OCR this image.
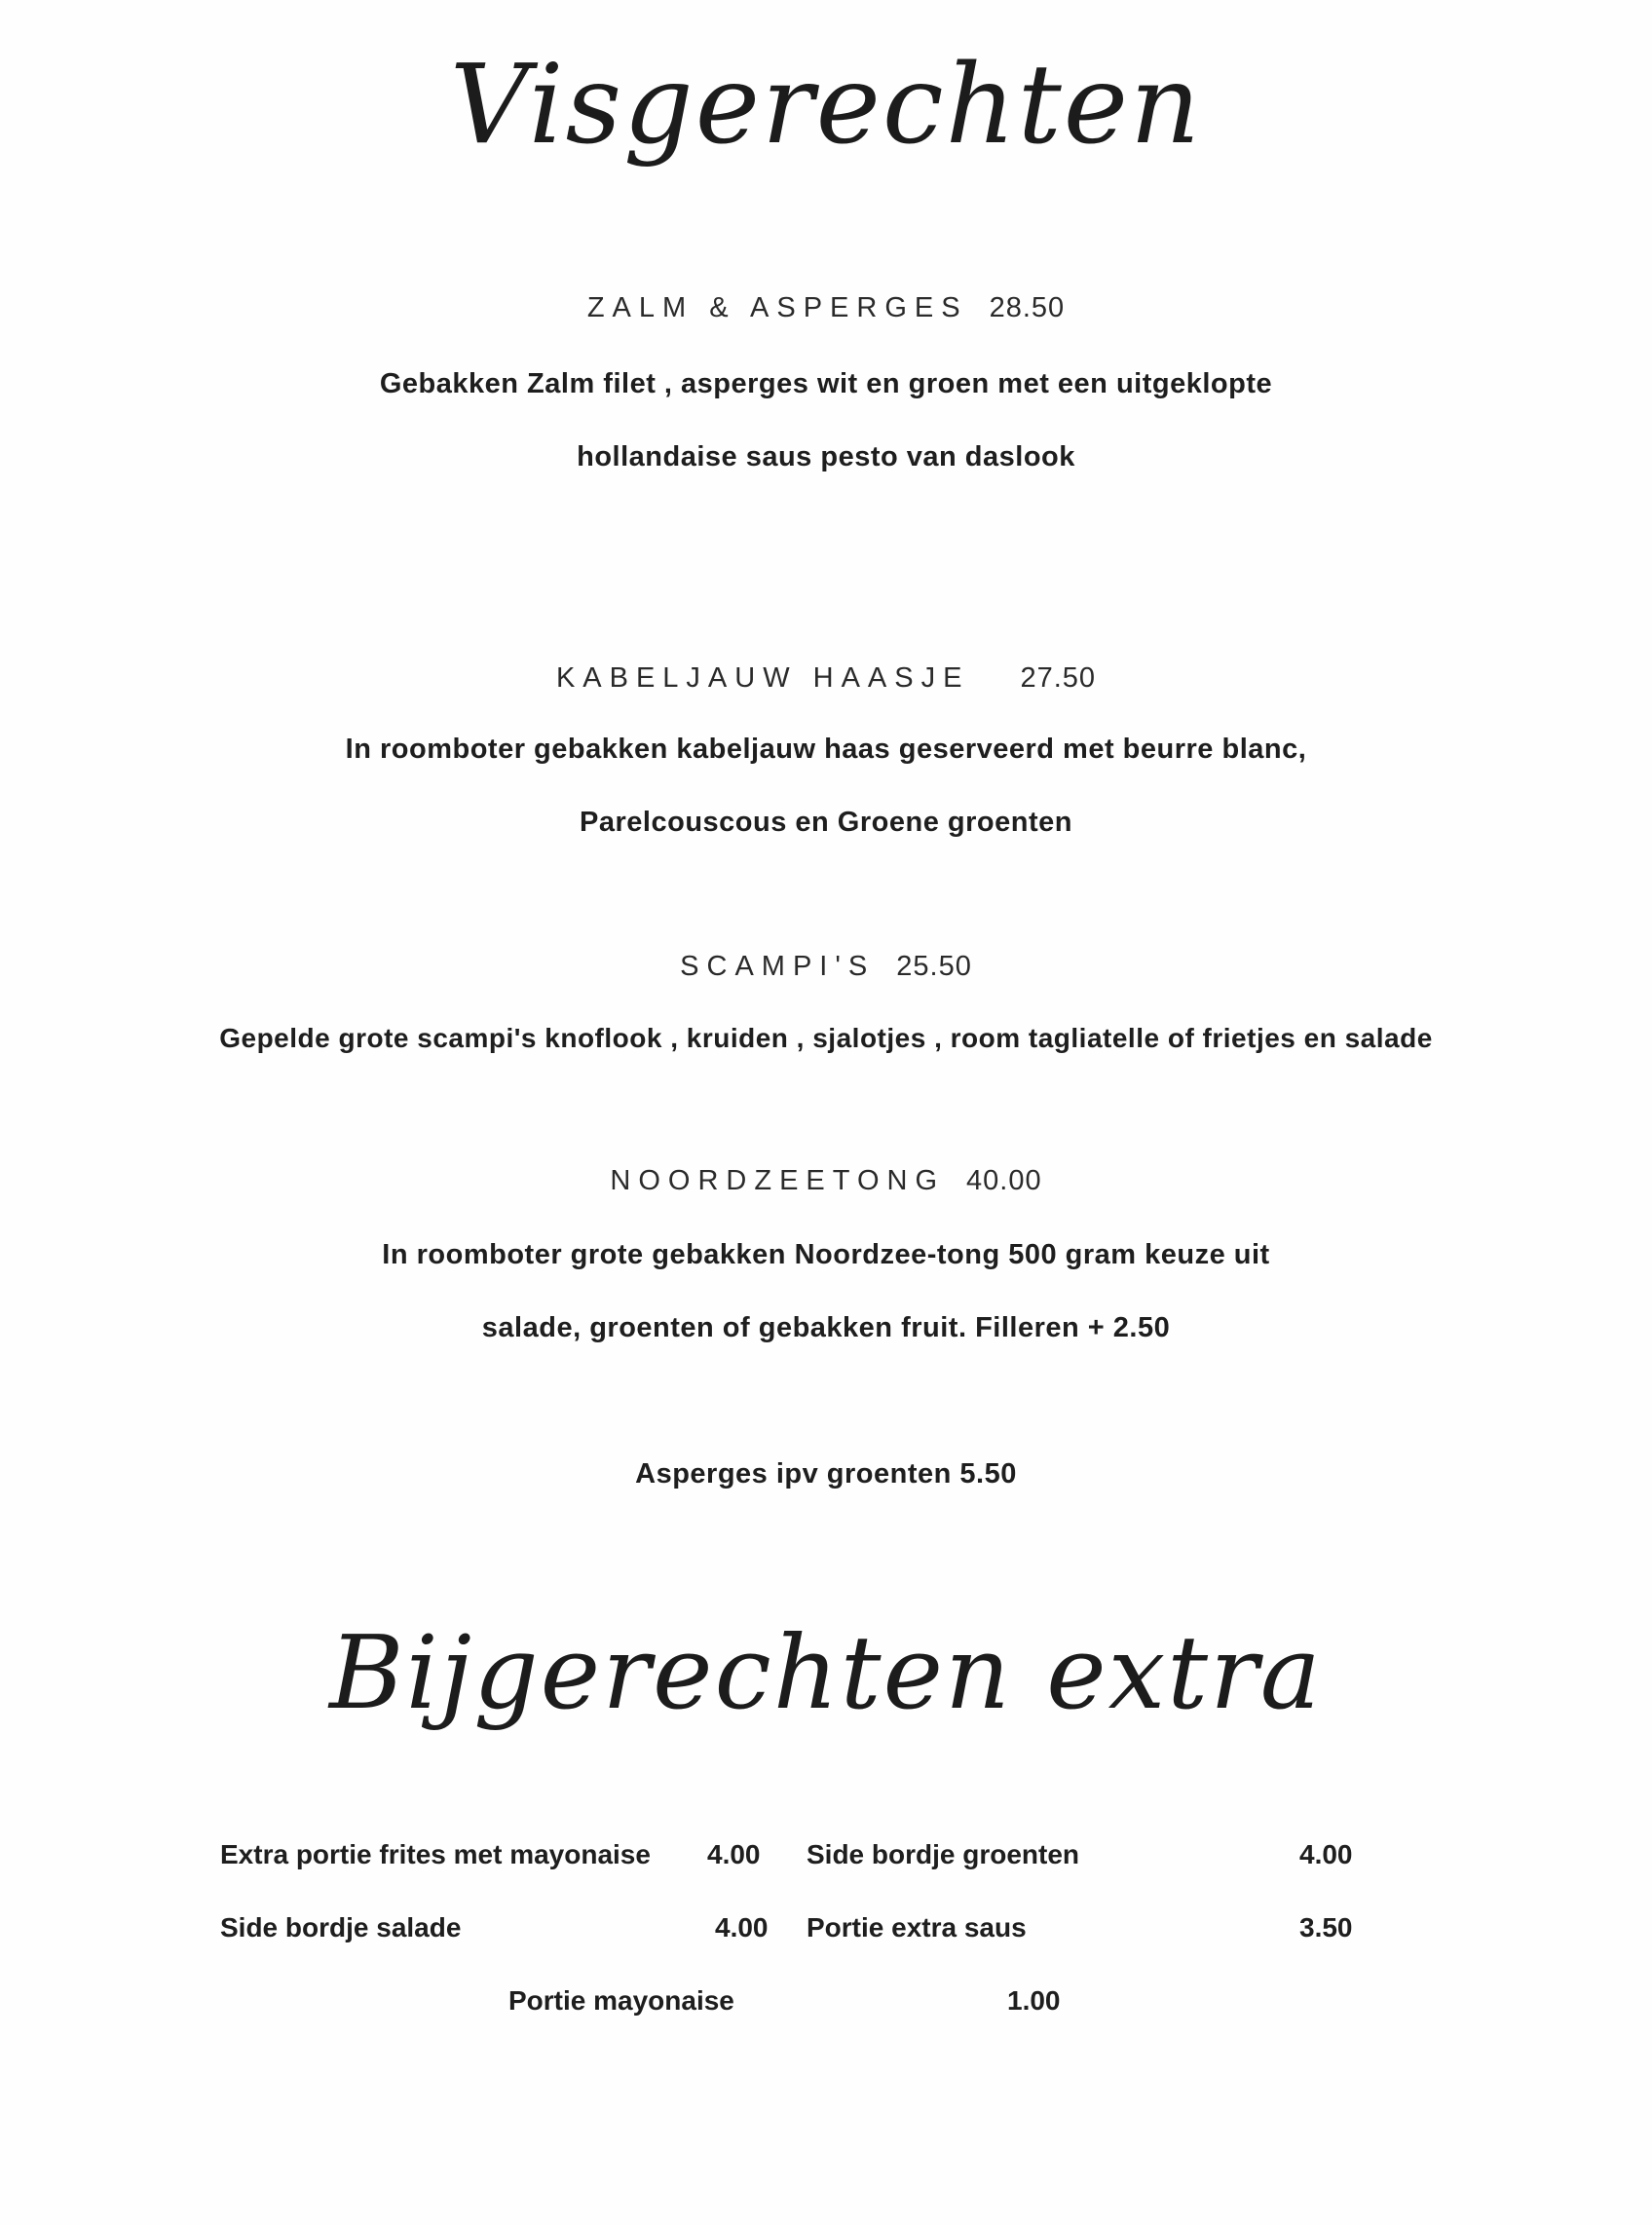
Visgerechten
ZALM & ASPERGES 28.50
Gebakken Zalm filet , asperges wit en groen met een uitgeklopte
hollandaise saus pesto van daslook
KABELJAUW HAASJE 27.50
In roomboter gebakken kabeljauw haas geserveerd met beurre blanc,
Parelcouscous en Groene groenten
SCAMPI'S 25.50
Gepelde grote scampi's knoflook , kruiden , sjalotjes , room tagliatelle of frietjes en salade
NOORDZEETONG 40.00
In roomboter grote gebakken Noordzee-tong 500 gram keuze uit
salade, groenten of gebakken fruit. Filleren + 2.50
Asperges ipv groenten 5.50
Bijgerechten extra
Extra portie frites met mayonaise 4.00 Side bordje groenten	4.00
Side bordje salade	4.00 Portie extra saus	3.50
Portie mayonaise	1.00
